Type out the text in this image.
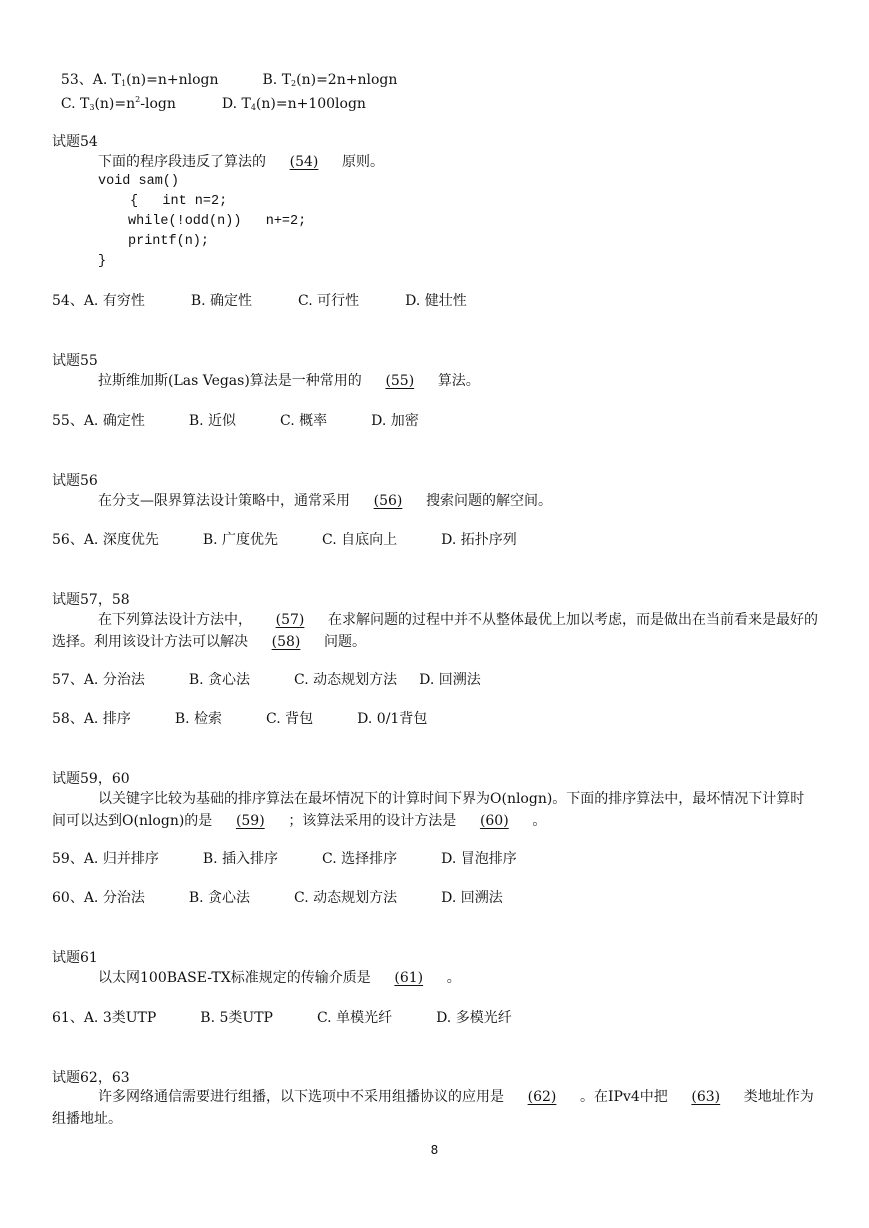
53、A. $T_1(n)=n+nlogn$	B. $T_2(n)=2n+nlogn$

C. $T_3(n)=n^2$-logn	D. $T_4(n)=n+100\log n$

试题54
下面的程序段违反了算法的 (54) 原则。
void sam()
{   int n=2;
while(!odd(n))   n+=2;
printf(n);
}
54、A. 有穷性	B. 确定性	C. 可行性	D. 健壮性
试题55
拉斯维加斯(Las Vegas)算法是一种常用的 (55) 算法。
55、A. 确定性	B. 近似	C. 概率	D. 加密
试题56
在分支—限界算法设计策略中，通常采用 (56) 搜索问题的解空间。
56、A. 深度优先	B. 广度优先	C. 自底向上	D. 拓扑序列
试题57，58
在下列算法设计方法中， (57) 在求解问题的过程中并不从整体最优上加以考虑，而是做出在当前看来是最好的选择。利用该设计方法可以解决 (58) 问题。
57、A. 分治法	B. 贪心法	C. 动态规划方法 D. 回溯法
58、A. 排序	B. 检索	C. 背包	D. 0/1背包
试题59，60
以关键字比较为基础的排序算法在最坏情况下的计算时间下界为O(nlogn)。下面的排序算法中，最坏情况下计算时间可以达到O(nlogn)的是 (59) ；该算法采用的设计方法是 (60) 。
59、A. 归并排序	B. 插入排序	C. 选择排序	D. 冒泡排序
60、A. 分治法	B. 贪心法	C. 动态规划方法	D. 回溯法
试题61
以太网100BASE-TX标准规定的传输介质是 (61) 。
61、A. 3类UTP	B. 5类UTP	C. 单模光纤	D. 多模光纤
试题62，63
许多网络通信需要进行组播，以下选项中不采用组播协议的应用是 (62) 。在IPv4中把 (63) 类地址作为组播地址。
8
